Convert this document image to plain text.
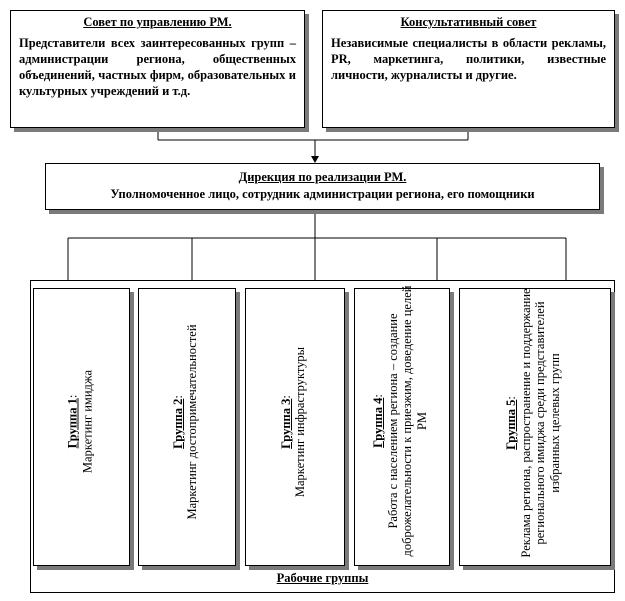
Совет по управлению РМ.
Представители всех заинтересованных групп – администрации региона, общественных объединений, частных фирм, образовательных и культурных учреждений и т.д.
Консультативный совет
Независимые специалисты в области рекламы, PR, маркетинга, политики, известные личности, журналисты и другие.
Дирекция по реализации РМ.
Уполномоченное лицо, сотрудник администрации региона, его помощники
Рабочие группы
Группа 1: Маркетинг имиджа	Группа 2: Маркетинг достопримечательностей	Группа 3: Маркетинг инфраструктуры	Группа 4: Работа с населением региона – создание доброжелательности к приезжим, доведение целей РМ	Группа 5: Реклама региона, распространение и поддержание регионального имиджа среди представителей избранных целевых групп
